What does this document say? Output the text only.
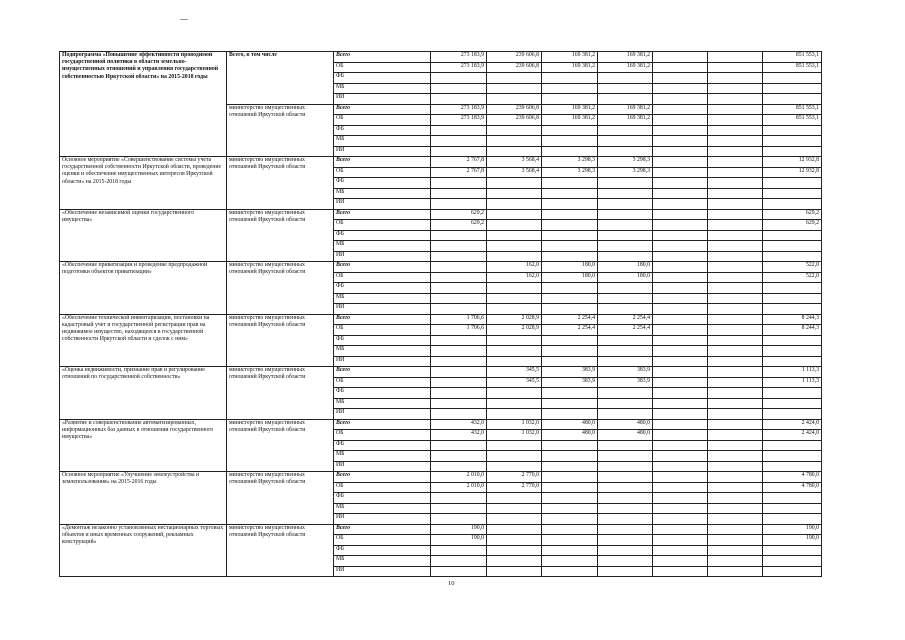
Подпрограмма «Повышение эффективности проводимой государственной политики в области земельно-имущественных отношений и управления государственной собственностью Иркутской области» на 2015-2018 годы	Всего, в том числе	Всего	273 183,9	239 606,8	169 381,2	169 381,2			851 553,1
		ОБ	273 183,9	239 606,8	169 381,2	169 381,2			851 553,1
		ФБ							
		МБ							
		ИИ							
	министерство имущественных отношений Иркутской области	Всего	273 183,9	239 606,8	169 381,2	169 381,2			851 553,1
		ОБ	273 183,9	239 606,8	169 381,2	169 381,2			851 553,1
		ФБ							
		МБ							
		ИИ							
Основное мероприятие «Совершенствование системы учета государственной собственности Иркутской области, проведение оценки и обеспечение имущественных интересов Иркутской области» на 2015-2018 годы	министерство имущественных отношений Иркутской области	Всего	2 767,8	3 568,4	3 298,3	3 298,3			12 932,8
		ОБ	2 767,8	3 568,4	3 298,3	3 298,3			12 932,8
		ФБ							
		МБ							
		ИИ							
«Обеспечение независимой оценки государственного имущества»	министерство имущественных отношений Иркутской области	Всего	629,2						629,2
		ОБ	629,2						629,2
		ФБ							
		МБ							
		ИИ							
«Обеспечение приватизации и проведение предпродажной подготовки объектов приватизации»	министерство имущественных отношений Иркутской области	Всего		162,0	180,0	180,0			522,0
		ОБ		162,0	180,0	180,0			522,0
		ФБ							
		МБ							
		ИИ							
«Обеспечение технической инвентаризации, постановки на кадастровый учет и государственной регистрации прав на недвижимое имущество, находящееся в государственной собственности Иркутской области и сделок с ним»	министерство имущественных отношений Иркутской области	Всего	1 706,6	2 028,9	2 254,4	2 254,4			8 244,3
		ОБ	1 706,6	2 028,9	2 254,4	2 254,4			8 244,3
		ФБ							
		МБ							
		ИИ							
«Оценка недвижимости, признание прав и регулирование отношений по государственной собственности»	министерство имущественных отношений Иркутской области	Всего		345,5	383,9	383,9			1 113,3
		ОБ		345,5	383,9	383,9			1 113,3
		ФБ							
		МБ							
		ИИ							
«Развитие и совершенствование автоматизированных, информационных баз данных в отношении государственного имущества»	министерство имущественных отношений Иркутской области	Всего	432,0	1 032,0	480,0	480,0			2 424,0
		ОБ	432,0	1 032,0	480,0	480,0			2 424,0
		ФБ							
		МБ							
		ИИ							
Основное мероприятие «Улучшение землеустройства и землепользования» на 2015-2016 годы	министерство имущественных отношений Иркутской области	Всего	2 010,0	2 770,0					4 780,0
		ОБ	2 010,0	2 770,0					4 780,0
		ФБ							
		МБ							
		ИИ							
«Демонтаж незаконно установленных нестационарных торговых объектов и иных временных сооружений, рекламных конструкций»	министерство имущественных отношений Иркутской области	Всего	190,0						190,0
		ОБ	190,0						190,0
		ФБ							
		МБ							
		ИИ							
10
